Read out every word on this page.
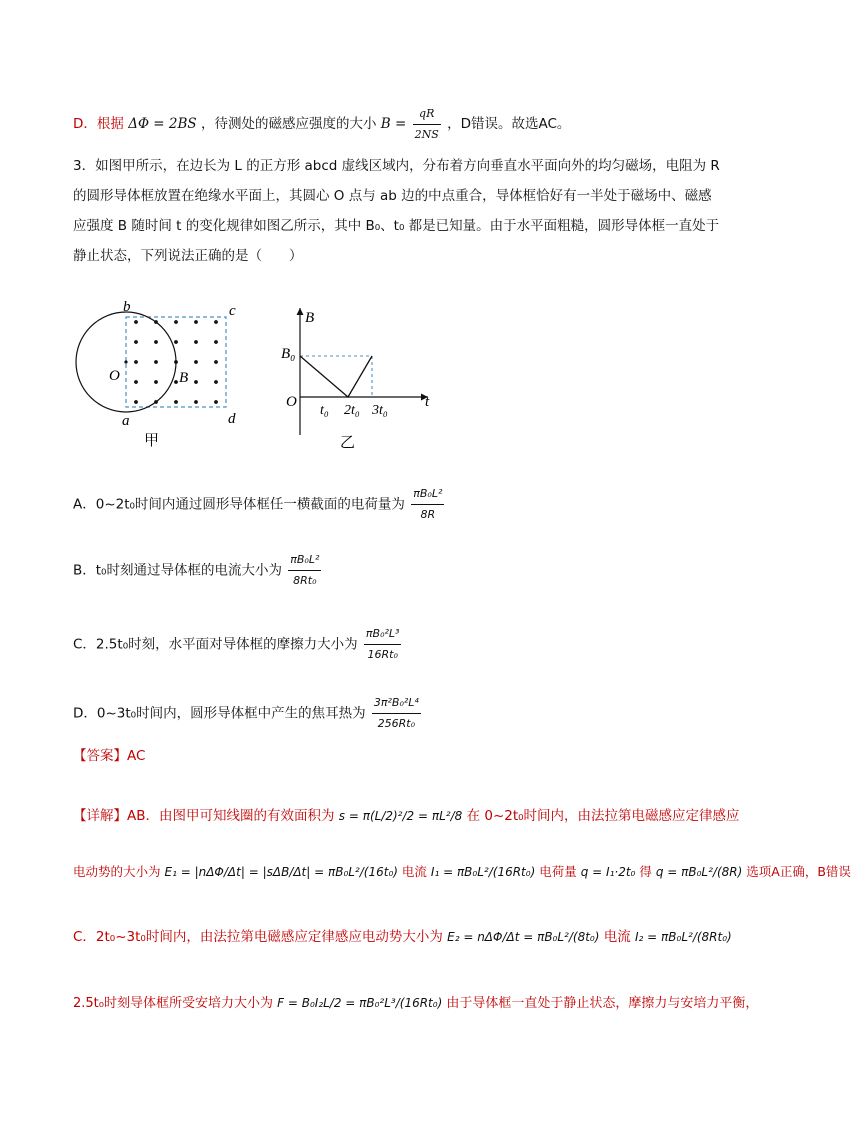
D．根据 ΔΦ = 2BS ，待测处的磁感应强度的大小 $B = \frac{qR}{2NS}$ ，D错误。故选AC。
3．如图甲所示，在边长为 L 的正方形 abcd 虚线区域内，分布着方向垂直水平面向外的均匀磁场，电阻为 R
的圆形导体框放置在绝缘水平面上，其圆心 O 点与 ab 边的中点重合，导体框恰好有一半处于磁场中、磁感
应强度 B 随时间 t 的变化规律如图乙所示，其中 B₀、t₀ 都是已知量。由于水平面粗糙，圆形导体框一直处于
静止状态，下列说法正确的是（　　）
b	c
a	d
O	B
甲
B
t
O
B₀
t₀ 2t₀ 3t₀
乙
A．0~2t₀时间内通过圆形导体框任一横截面的电荷量为 $\frac{\text{πB₀L²}}{8R}$
B．t₀时刻通过导体框的电流大小为 $\frac{\text{πB₀L²}}{\text{8Rt₀}}$
C．2.5t₀时刻，水平面对导体框的摩擦力大小为 $\frac{\text{πB₀²L³}}{\text{16Rt₀}}$
D．0~3t₀时间内，圆形导体框中产生的焦耳热为 $\frac{\text{3π²B₀²L⁴}}{\text{256Rt₀}}$
【答案】AC
【详解】AB．由图甲可知线圈的有效面积为 s = π(L/2)²/2 = πL²/8 在 0~2t₀时间内，由法拉第电磁感应定律感应
电动势的大小为 E₁ = |nΔΦ/Δt| = |sΔB/Δt| = πB₀L²/(16t₀) 电流 I₁ = πB₀L²/(16Rt₀) 电荷量 q = I₁·2t₀ 得 q = πB₀L²/(8R) 选项A正确，B错误
C．2t₀~3t₀时间内，由法拉第电磁感应定律感应电动势大小为 E₂ = nΔΦ/Δt = πB₀L²/(8t₀) 电流 I₂ = πB₀L²/(8Rt₀)
2.5t₀时刻导体框所受安培力大小为 F = B₀I₂L/2 = πB₀²L³/(16Rt₀) 由于导体框一直处于静止状态，摩擦力与安培力平衡，
